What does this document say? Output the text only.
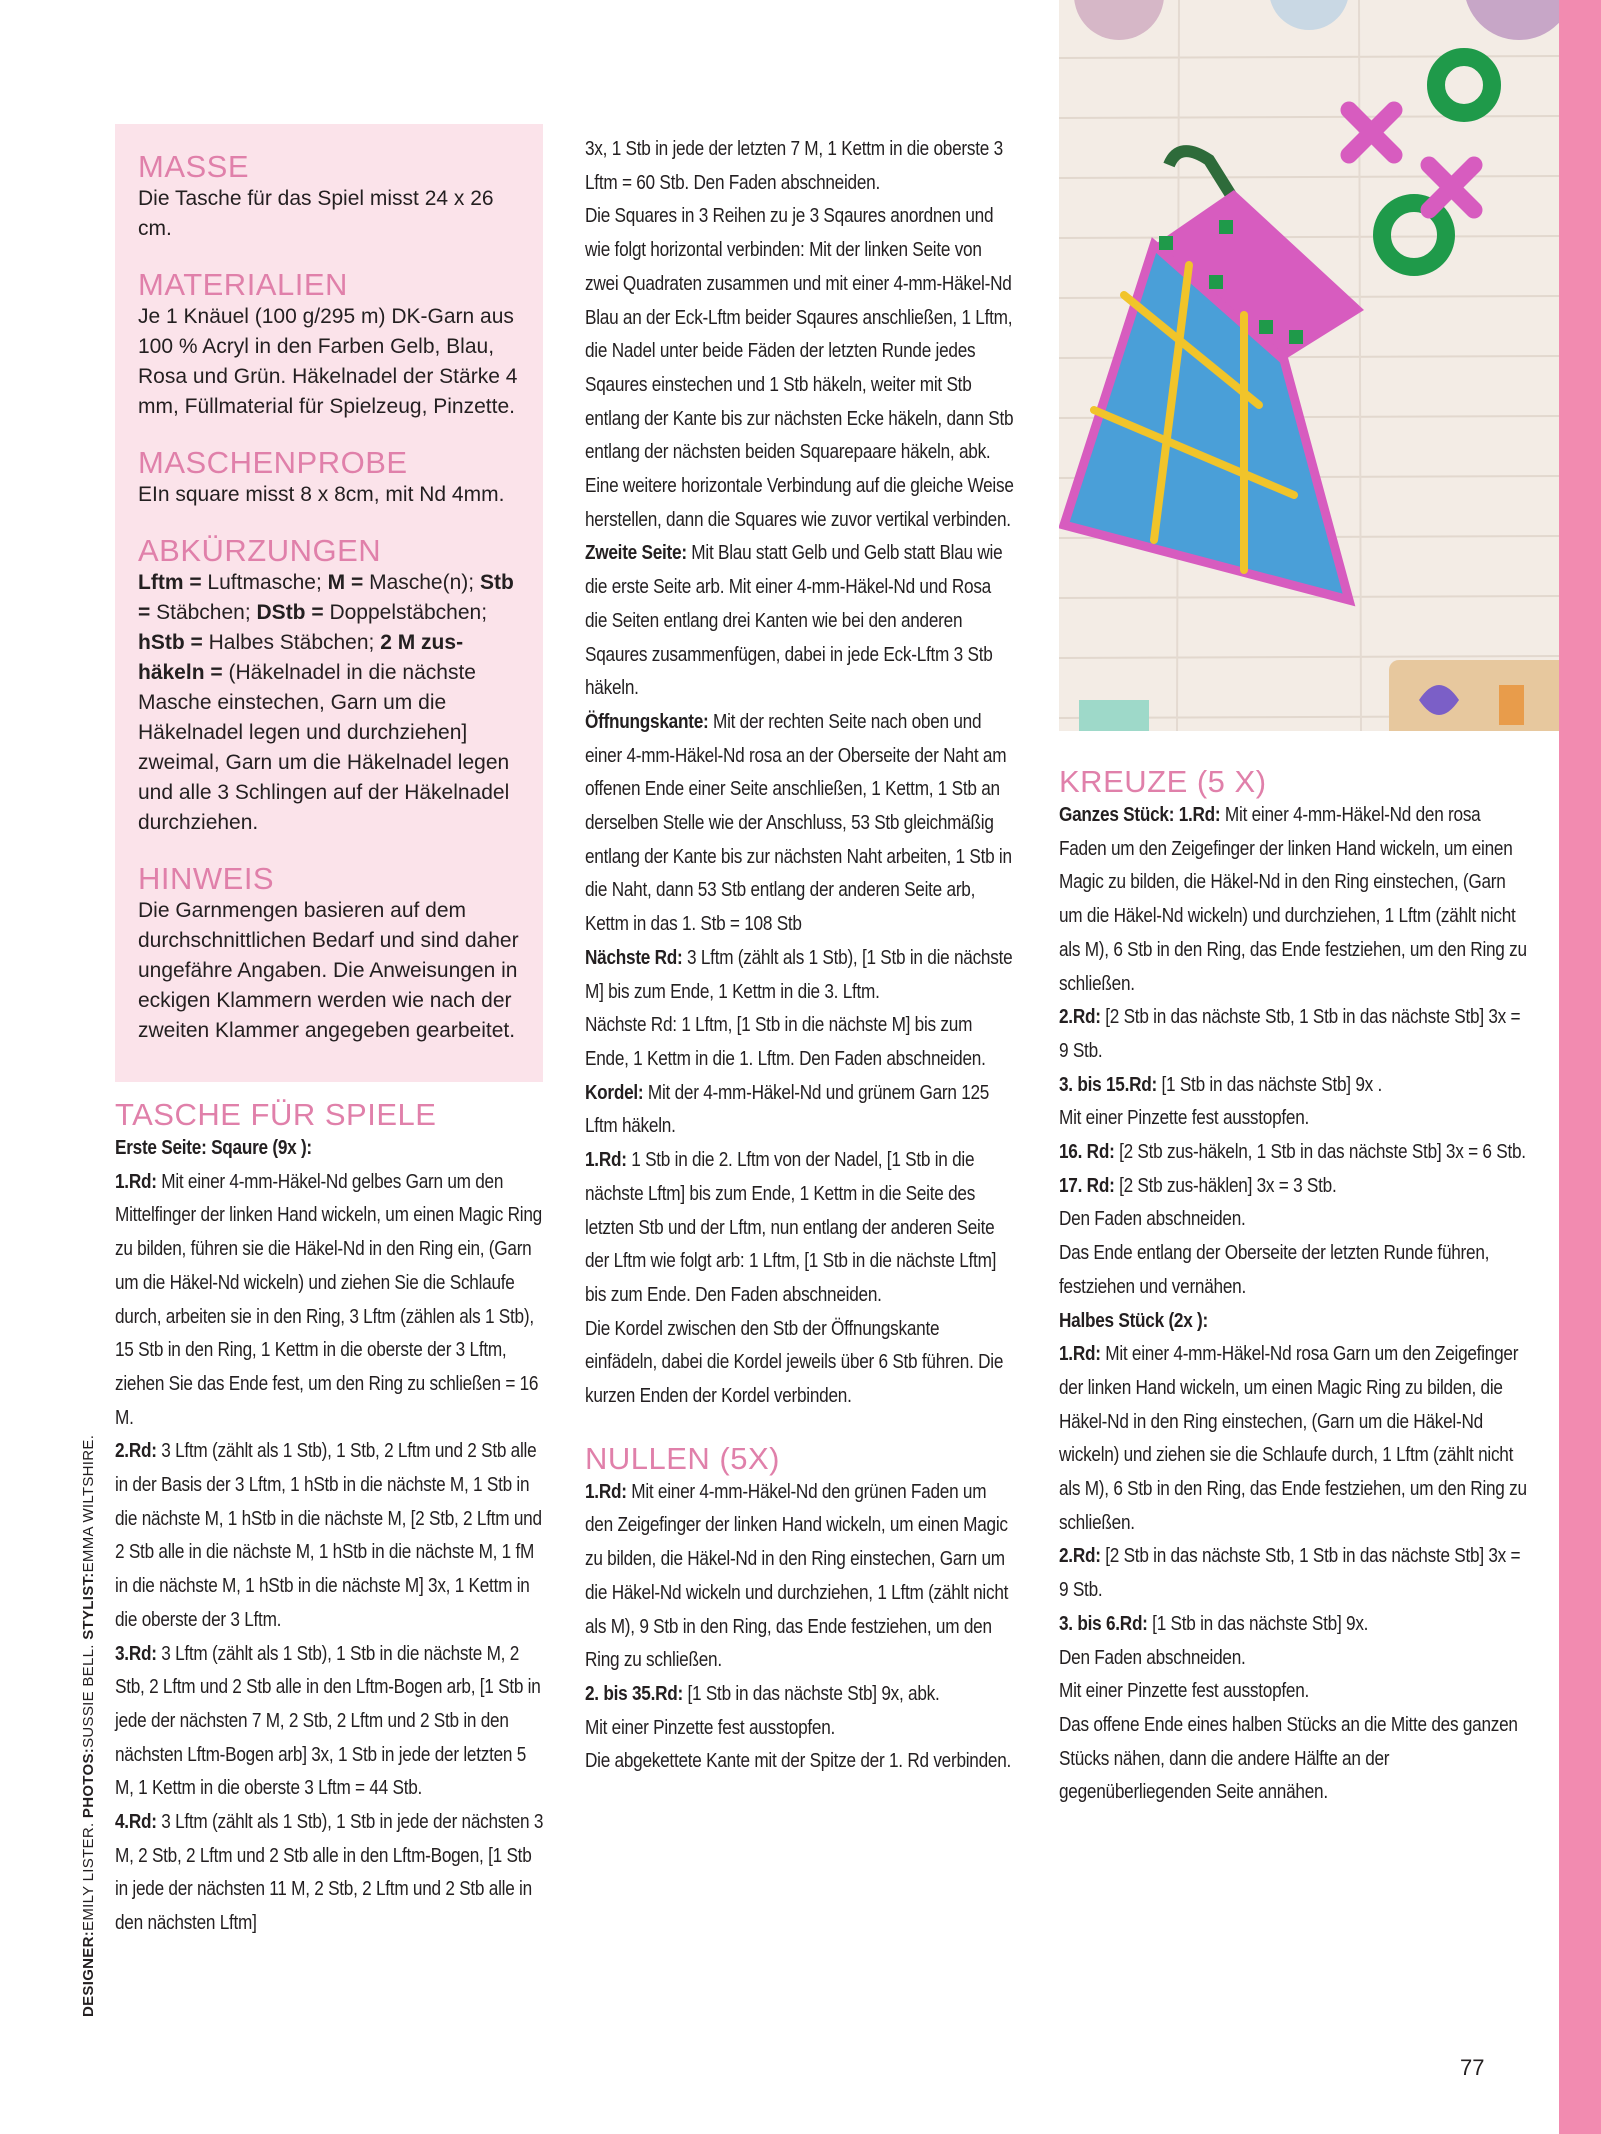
MASSE

Die Tasche für das Spiel misst 24 x 26 cm.

MATERIALIEN

Je 1 Knäuel (100 g/295 m) DK-Garn aus 100 % Acryl in den Farben Gelb, Blau, Rosa und Grün. Häkelnadel der Stärke 4 mm, Füllmaterial für Spielzeug, Pinzette.

MASCHENPROBE

EIn square misst 8 x 8cm, mit Nd 4mm.

ABKÜRZUNGEN

Lftm = Luftmasche; M = Masche(n); Stb = Stäbchen; DStb = Doppelstäbchen; hStb = Halbes Stäbchen; 2 M zus-häkeln = (Häkelnadel in die nächste Masche einstechen, Garn um die Häkelnadel legen und durchziehen] zweimal, Garn um die Häkelnadel legen und alle 3 Schlingen auf der Häkelnadel durchziehen.

HINWEIS

Die Garnmengen basieren auf dem durchschnittlichen Bedarf und sind daher ungefähre Angaben. Die Anweisungen in eckigen Klammern werden wie nach der zweiten Klammer angegeben gearbeitet.

TASCHE FÜR SPIELE

Erste Seite: Sqaure (9x ):

1.Rd: Mit einer 4-mm-Häkel-Nd gelbes Garn um den Mittelfinger der linken Hand wickeln, um einen Magic Ring zu bilden, führen sie die Häkel-Nd in den Ring ein, (Garn um die Häkel-Nd wickeln) und ziehen Sie die Schlaufe durch, arbeiten sie in den Ring, 3 Lftm (zählen als 1 Stb), 15 Stb in den Ring, 1 Kettm in die oberste der 3 Lftm, ziehen Sie das Ende fest, um den Ring zu schließen = 16 M.

2.Rd: 3 Lftm (zählt als 1 Stb), 1 Stb, 2 Lftm und 2 Stb alle in der Basis der 3 Lftm, 1 hStb in die nächste M, 1 Stb in die nächste M, 1 hStb in die nächste M, [2 Stb, 2 Lftm und 2 Stb alle in die nächste M, 1 hStb in die nächste M, 1 fM in die nächste M, 1 hStb in die nächste M] 3x, 1 Kettm in die oberste der 3 Lftm.

3.Rd: 3 Lftm (zählt als 1 Stb), 1 Stb in die nächste M, 2 Stb, 2 Lftm und 2 Stb alle in den Lftm-Bogen arb, [1 Stb in jede der nächsten 7 M, 2 Stb, 2 Lftm und 2 Stb in den nächsten Lftm-Bogen arb] 3x, 1 Stb in jede der letzten 5 M, 1 Kettm in die oberste 3 Lftm = 44 Stb.

4.Rd: 3 Lftm (zählt als 1 Stb), 1 Stb in jede der nächsten 3 M, 2 Stb, 2 Lftm und 2 Stb alle in den Lftm-Bogen, [1 Stb in jede der nächsten 11 M, 2 Stb, 2 Lftm und 2 Stb alle in den nächsten Lftm]

3x, 1 Stb in jede der letzten 7 M, 1 Kettm in die oberste 3 Lftm = 60 Stb. Den Faden abschneiden.

Die Squares in 3 Reihen zu je 3 Sqaures anordnen und wie folgt horizontal verbinden: Mit der linken Seite von zwei Quadraten zusammen und mit einer 4-mm-Häkel-Nd Blau an der Eck-Lftm beider Sqaures anschließen, 1 Lftm, die Nadel unter beide Fäden der letzten Runde jedes Sqaures einstechen und 1 Stb häkeln, weiter mit Stb entlang der Kante bis zur nächsten Ecke häkeln, dann Stb entlang der nächsten beiden Squarepaare häkeln, abk.

Eine weitere horizontale Verbindung auf die gleiche Weise herstellen, dann die Squares wie zuvor vertikal verbinden.

Zweite Seite: Mit Blau statt Gelb und Gelb statt Blau wie die erste Seite arb. Mit einer 4-mm-Häkel-Nd und Rosa die Seiten entlang drei Kanten wie bei den anderen Sqaures zusammenfügen, dabei in jede Eck-Lftm 3 Stb häkeln.

Öffnungskante: Mit der rechten Seite nach oben und einer 4-mm-Häkel-Nd rosa an der Oberseite der Naht am offenen Ende einer Seite anschließen, 1 Kettm, 1 Stb an derselben Stelle wie der Anschluss, 53 Stb gleichmäßig entlang der Kante bis zur nächsten Naht arbeiten, 1 Stb in die Naht, dann 53 Stb entlang der anderen Seite arb, Kettm in das 1. Stb = 108 Stb

Nächste Rd: 3 Lftm (zählt als 1 Stb), [1 Stb in die nächste M] bis zum Ende, 1 Kettm in die 3. Lftm.

Nächste Rd: 1 Lftm, [1 Stb in die nächste M] bis zum Ende, 1 Kettm in die 1. Lftm. Den Faden abschneiden.

Kordel: Mit der 4-mm-Häkel-Nd und grünem Garn 125 Lftm häkeln.

1.Rd: 1 Stb in die 2. Lftm von der Nadel, [1 Stb in die nächste Lftm] bis zum Ende, 1 Kettm in die Seite des letzten Stb und der Lftm, nun entlang der anderen Seite der Lftm wie folgt arb: 1 Lftm, [1 Stb in die nächste Lftm] bis zum Ende. Den Faden abschneiden.

Die Kordel zwischen den Stb der Öffnungskante einfädeln, dabei die Kordel jeweils über 6 Stb führen. Die kurzen Enden der Kordel verbinden.

NULLEN (5X)

1.Rd: Mit einer 4-mm-Häkel-Nd den grünen Faden um den Zeigefinger der linken Hand wickeln, um einen Magic zu bilden, die Häkel-Nd in den Ring einstechen, Garn um die Häkel-Nd wickeln und durchziehen, 1 Lftm (zählt nicht als M), 9 Stb in den Ring, das Ende festziehen, um den Ring zu schließen.

2. bis 35.Rd: [1 Stb in das nächste Stb] 9x, abk.

Mit einer Pinzette fest ausstopfen.

Die abgekettete Kante mit der Spitze der 1. Rd verbinden.

KREUZE (5 X)

Ganzes Stück: 1.Rd: Mit einer 4-mm-Häkel-Nd den rosa Faden um den Zeigefinger der linken Hand wickeln, um einen Magic zu bilden, die Häkel-Nd in den Ring einstechen, (Garn um die Häkel-Nd wickeln) und durchziehen, 1 Lftm (zählt nicht als M), 6 Stb in den Ring, das Ende festziehen, um den Ring zu schließen.

2.Rd: [2 Stb in das nächste Stb, 1 Stb in das nächste Stb] 3x = 9 Stb.

3. bis 15.Rd: [1 Stb in das nächste Stb] 9x .

Mit einer Pinzette fest ausstopfen.

16. Rd: [2 Stb zus-häkeln, 1 Stb in das nächste Stb] 3x = 6 Stb.

17. Rd: [2 Stb zus-häklen] 3x = 3 Stb.

Den Faden abschneiden.

Das Ende entlang der Oberseite der letzten Runde führen, festziehen und vernähen.

Halbes Stück (2x ):

1.Rd: Mit einer 4-mm-Häkel-Nd rosa Garn um den Zeigefinger der linken Hand wickeln, um einen Magic Ring zu bilden, die Häkel-Nd in den Ring einstechen, (Garn um die Häkel-Nd wickeln) und ziehen sie die Schlaufe durch, 1 Lftm (zählt nicht als M), 6 Stb in den Ring, das Ende festziehen, um den Ring zu schließen.

2.Rd: [2 Stb in das nächste Stb, 1 Stb in das nächste Stb] 3x = 9 Stb.

3. bis 6.Rd: [1 Stb in das nächste Stb] 9x.

Den Faden abschneiden.

Mit einer Pinzette fest ausstopfen.

Das offene Ende eines halben Stücks an die Mitte des ganzen Stücks nähen, dann die andere Hälfte an der gegenüberliegenden Seite annähen.

DESIGNER:EMILY LISTER. PHOTOS:SUSSIE BELL. STYLIST:EMMA WILTSHIRE.
77
